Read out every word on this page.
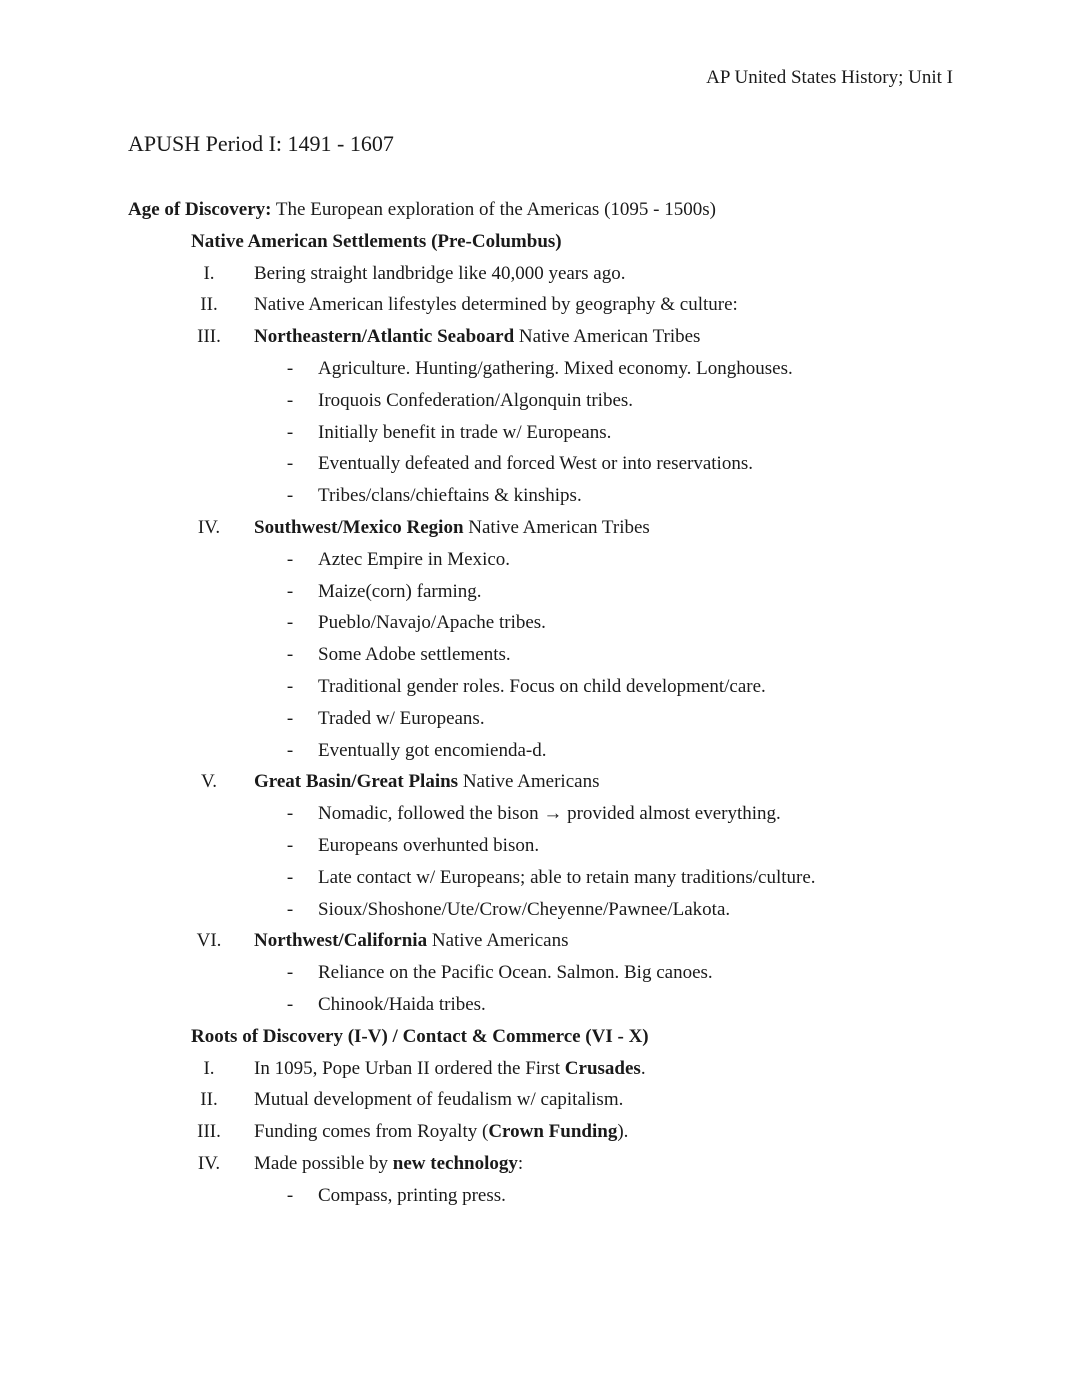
AP United States History; Unit I
APUSH Period I: 1491 - 1607
Age of Discovery: The European exploration of the Americas (1095 - 1500s)
Native American Settlements (Pre-Columbus)
I.	Bering straight landbridge like 40,000 years ago.
II.	Native American lifestyles determined by geography & culture:
III. Northeastern/Atlantic Seaboard Native American Tribes
- Agriculture. Hunting/gathering. Mixed economy. Longhouses.
- Iroquois Confederation/Algonquin tribes.
- Initially benefit in trade w/ Europeans.
- Eventually defeated and forced West or into reservations.
- Tribes/clans/chieftains & kinships.
IV. Southwest/Mexico Region Native American Tribes
- Aztec Empire in Mexico.
- Maize(corn) farming.
- Pueblo/Navajo/Apache tribes.
- Some Adobe settlements.
- Traditional gender roles. Focus on child development/care.
- Traded w/ Europeans.
- Eventually got encomienda-d.
V.	Great Basin/Great Plains Native Americans
- Nomadic, followed the bison → provided almost everything.
- Europeans overhunted bison.
- Late contact w/ Europeans; able to retain many traditions/culture.
- Sioux/Shoshone/Ute/Crow/Cheyenne/Pawnee/Lakota.
VI. Northwest/California Native Americans
- Reliance on the Pacific Ocean. Salmon. Big canoes.
- Chinook/Haida tribes.
Roots of Discovery (I-V) / Contact & Commerce (VI - X)
I.	In 1095, Pope Urban II ordered the First Crusades.
II.	Mutual development of feudalism w/ capitalism.
III. Funding comes from Royalty (Crown Funding).
IV. Made possible by new technology:
- Compass, printing press.
